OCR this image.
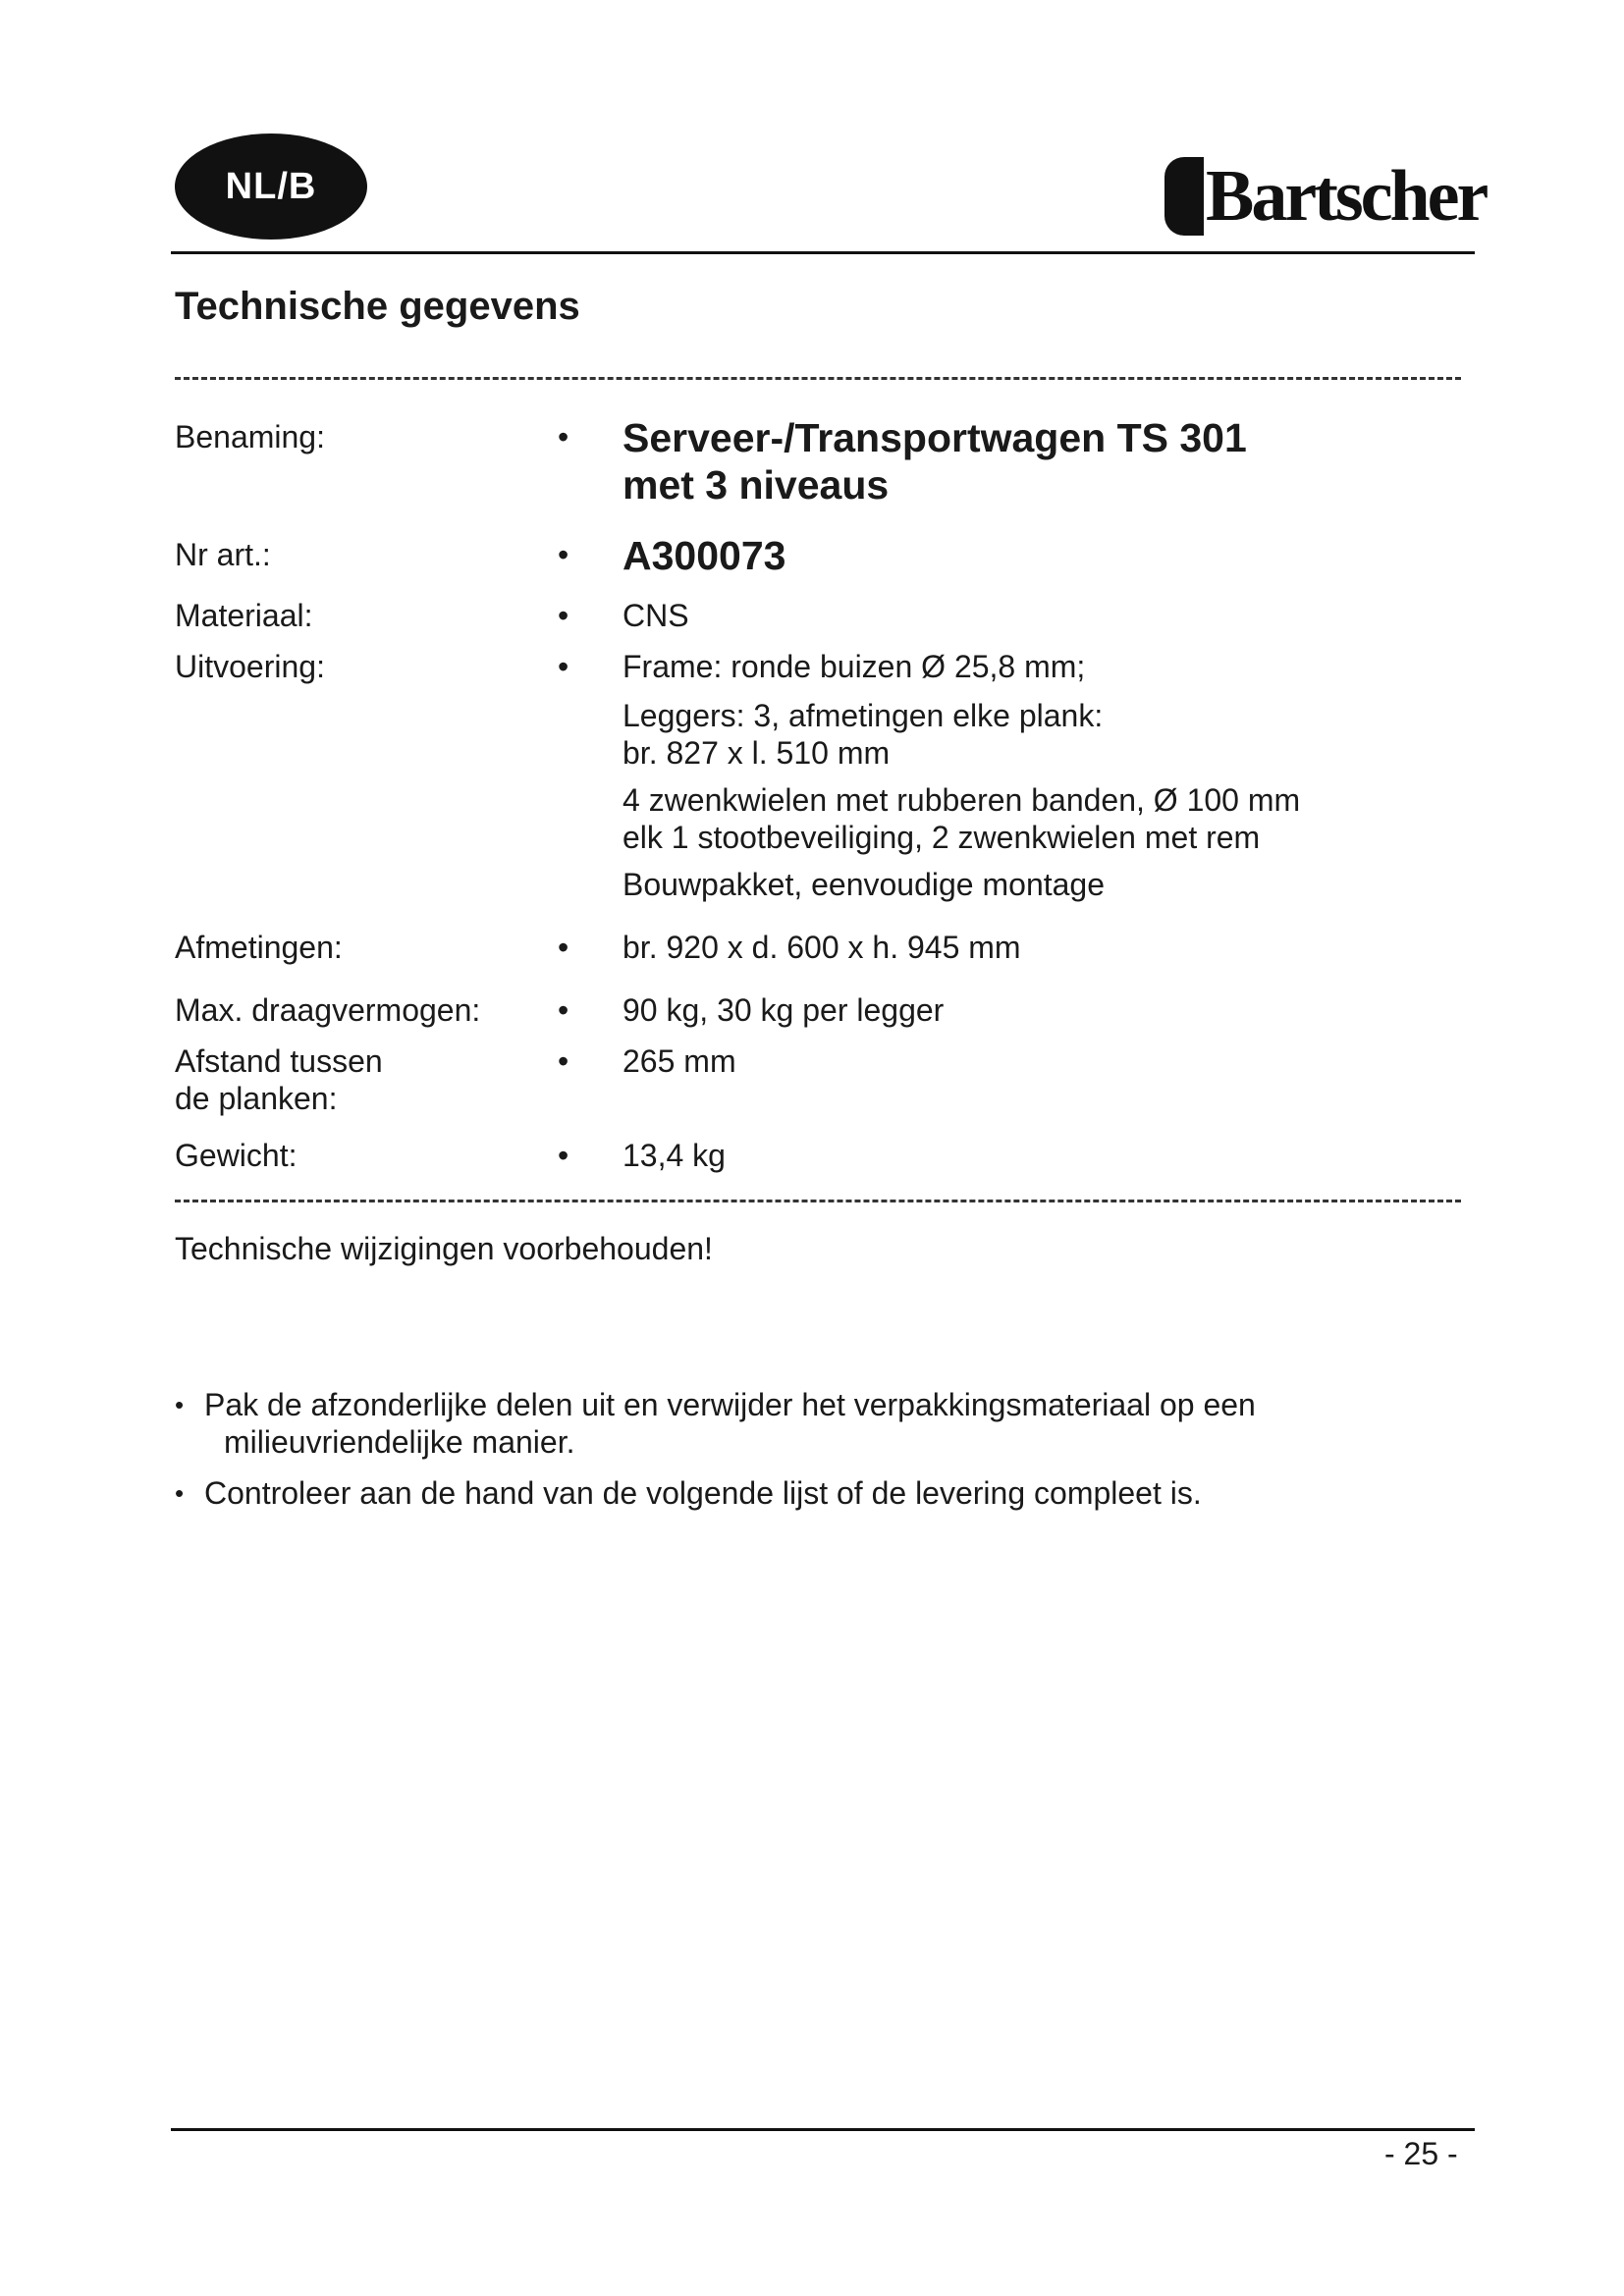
NL/B	Bartscher
Technische gegevens
Benaming:	• Serveer-/Transportwagen TS 301

met 3 niveaus

Nr art.:	• A300073

Materiaal:	• CNS

Uitvoering:	• Frame: ronde buizen Ø 25,8 mm;

Leggers: 3, afmetingen elke plank:

br. 827 x l. 510 mm

4 zwenkwielen met rubberen banden, Ø 100 mm

elk 1 stootbeveiliging, 2 zwenkwielen met rem

Bouwpakket, eenvoudige montage

Afmetingen:	• br. 920 x d. 600 x h. 945 mm

Max. draagvermogen: • 90 kg, 30 kg per legger

Afstand tussen
de planken:
• 265 mm

Gewicht:	• 13,4 kg

Technische wijzigingen voorbehouden!
• Pak de afzonderlijke delen uit en verwijder het verpakkingsmateriaal op een
milieuvriendelijke manier.
• Controleer aan de hand van de volgende lijst of de levering compleet is.
- 25 -
